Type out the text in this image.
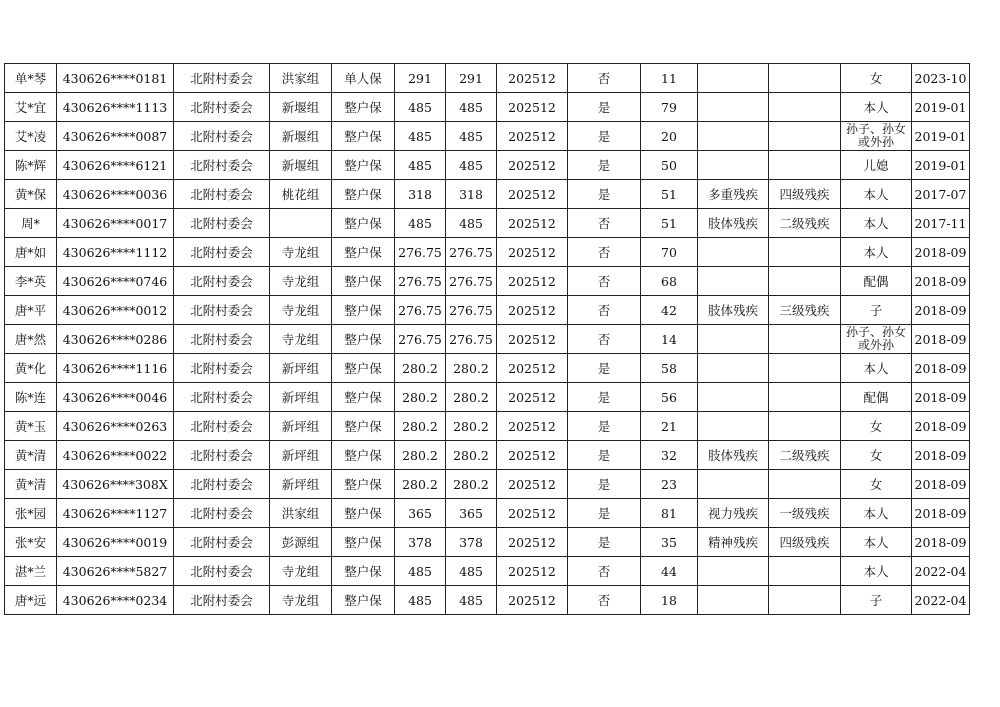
单*琴	430626****0181	北附村委会	洪家组	单人保	291	291	202512	否	11			女	2023-10
艾*宜	430626****1113	北附村委会	新堰组	整户保	485	485	202512	是	79			本人	2019-01
艾*凌	430626****0087	北附村委会	新堰组	整户保	485	485	202512	是	20			孙子、孙女或外孙	2019-01
陈*辉	430626****6121	北附村委会	新堰组	整户保	485	485	202512	是	50			儿媳	2019-01
黄*保	430626****0036	北附村委会	桃花组	整户保	318	318	202512	是	51	多重残疾	四级残疾	本人	2017-07
周*	430626****0017	北附村委会		整户保	485	485	202512	否	51	肢体残疾	二级残疾	本人	2017-11
唐*如	430626****1112	北附村委会	寺龙组	整户保	276.75	276.75	202512	否	70			本人	2018-09
李*英	430626****0746	北附村委会	寺龙组	整户保	276.75	276.75	202512	否	68			配偶	2018-09
唐*平	430626****0012	北附村委会	寺龙组	整户保	276.75	276.75	202512	否	42	肢体残疾	三级残疾	子	2018-09
唐*然	430626****0286	北附村委会	寺龙组	整户保	276.75	276.75	202512	否	14			孙子、孙女或外孙	2018-09
黄*化	430626****1116	北附村委会	新坪组	整户保	280.2	280.2	202512	是	58			本人	2018-09
陈*连	430626****0046	北附村委会	新坪组	整户保	280.2	280.2	202512	是	56			配偶	2018-09
黄*玉	430626****0263	北附村委会	新坪组	整户保	280.2	280.2	202512	是	21			女	2018-09
黄*清	430626****0022	北附村委会	新坪组	整户保	280.2	280.2	202512	是	32	肢体残疾	二级残疾	女	2018-09
黄*清	430626****308X	北附村委会	新坪组	整户保	280.2	280.2	202512	是	23			女	2018-09
张*园	430626****1127	北附村委会	洪家组	整户保	365	365	202512	是	81	视力残疾	一级残疾	本人	2018-09
张*安	430626****0019	北附村委会	彭源组	整户保	378	378	202512	是	35	精神残疾	四级残疾	本人	2018-09
湛*兰	430626****5827	北附村委会	寺龙组	整户保	485	485	202512	否	44			本人	2022-04
唐*远	430626****0234	北附村委会	寺龙组	整户保	485	485	202512	否	18			子	2022-04
